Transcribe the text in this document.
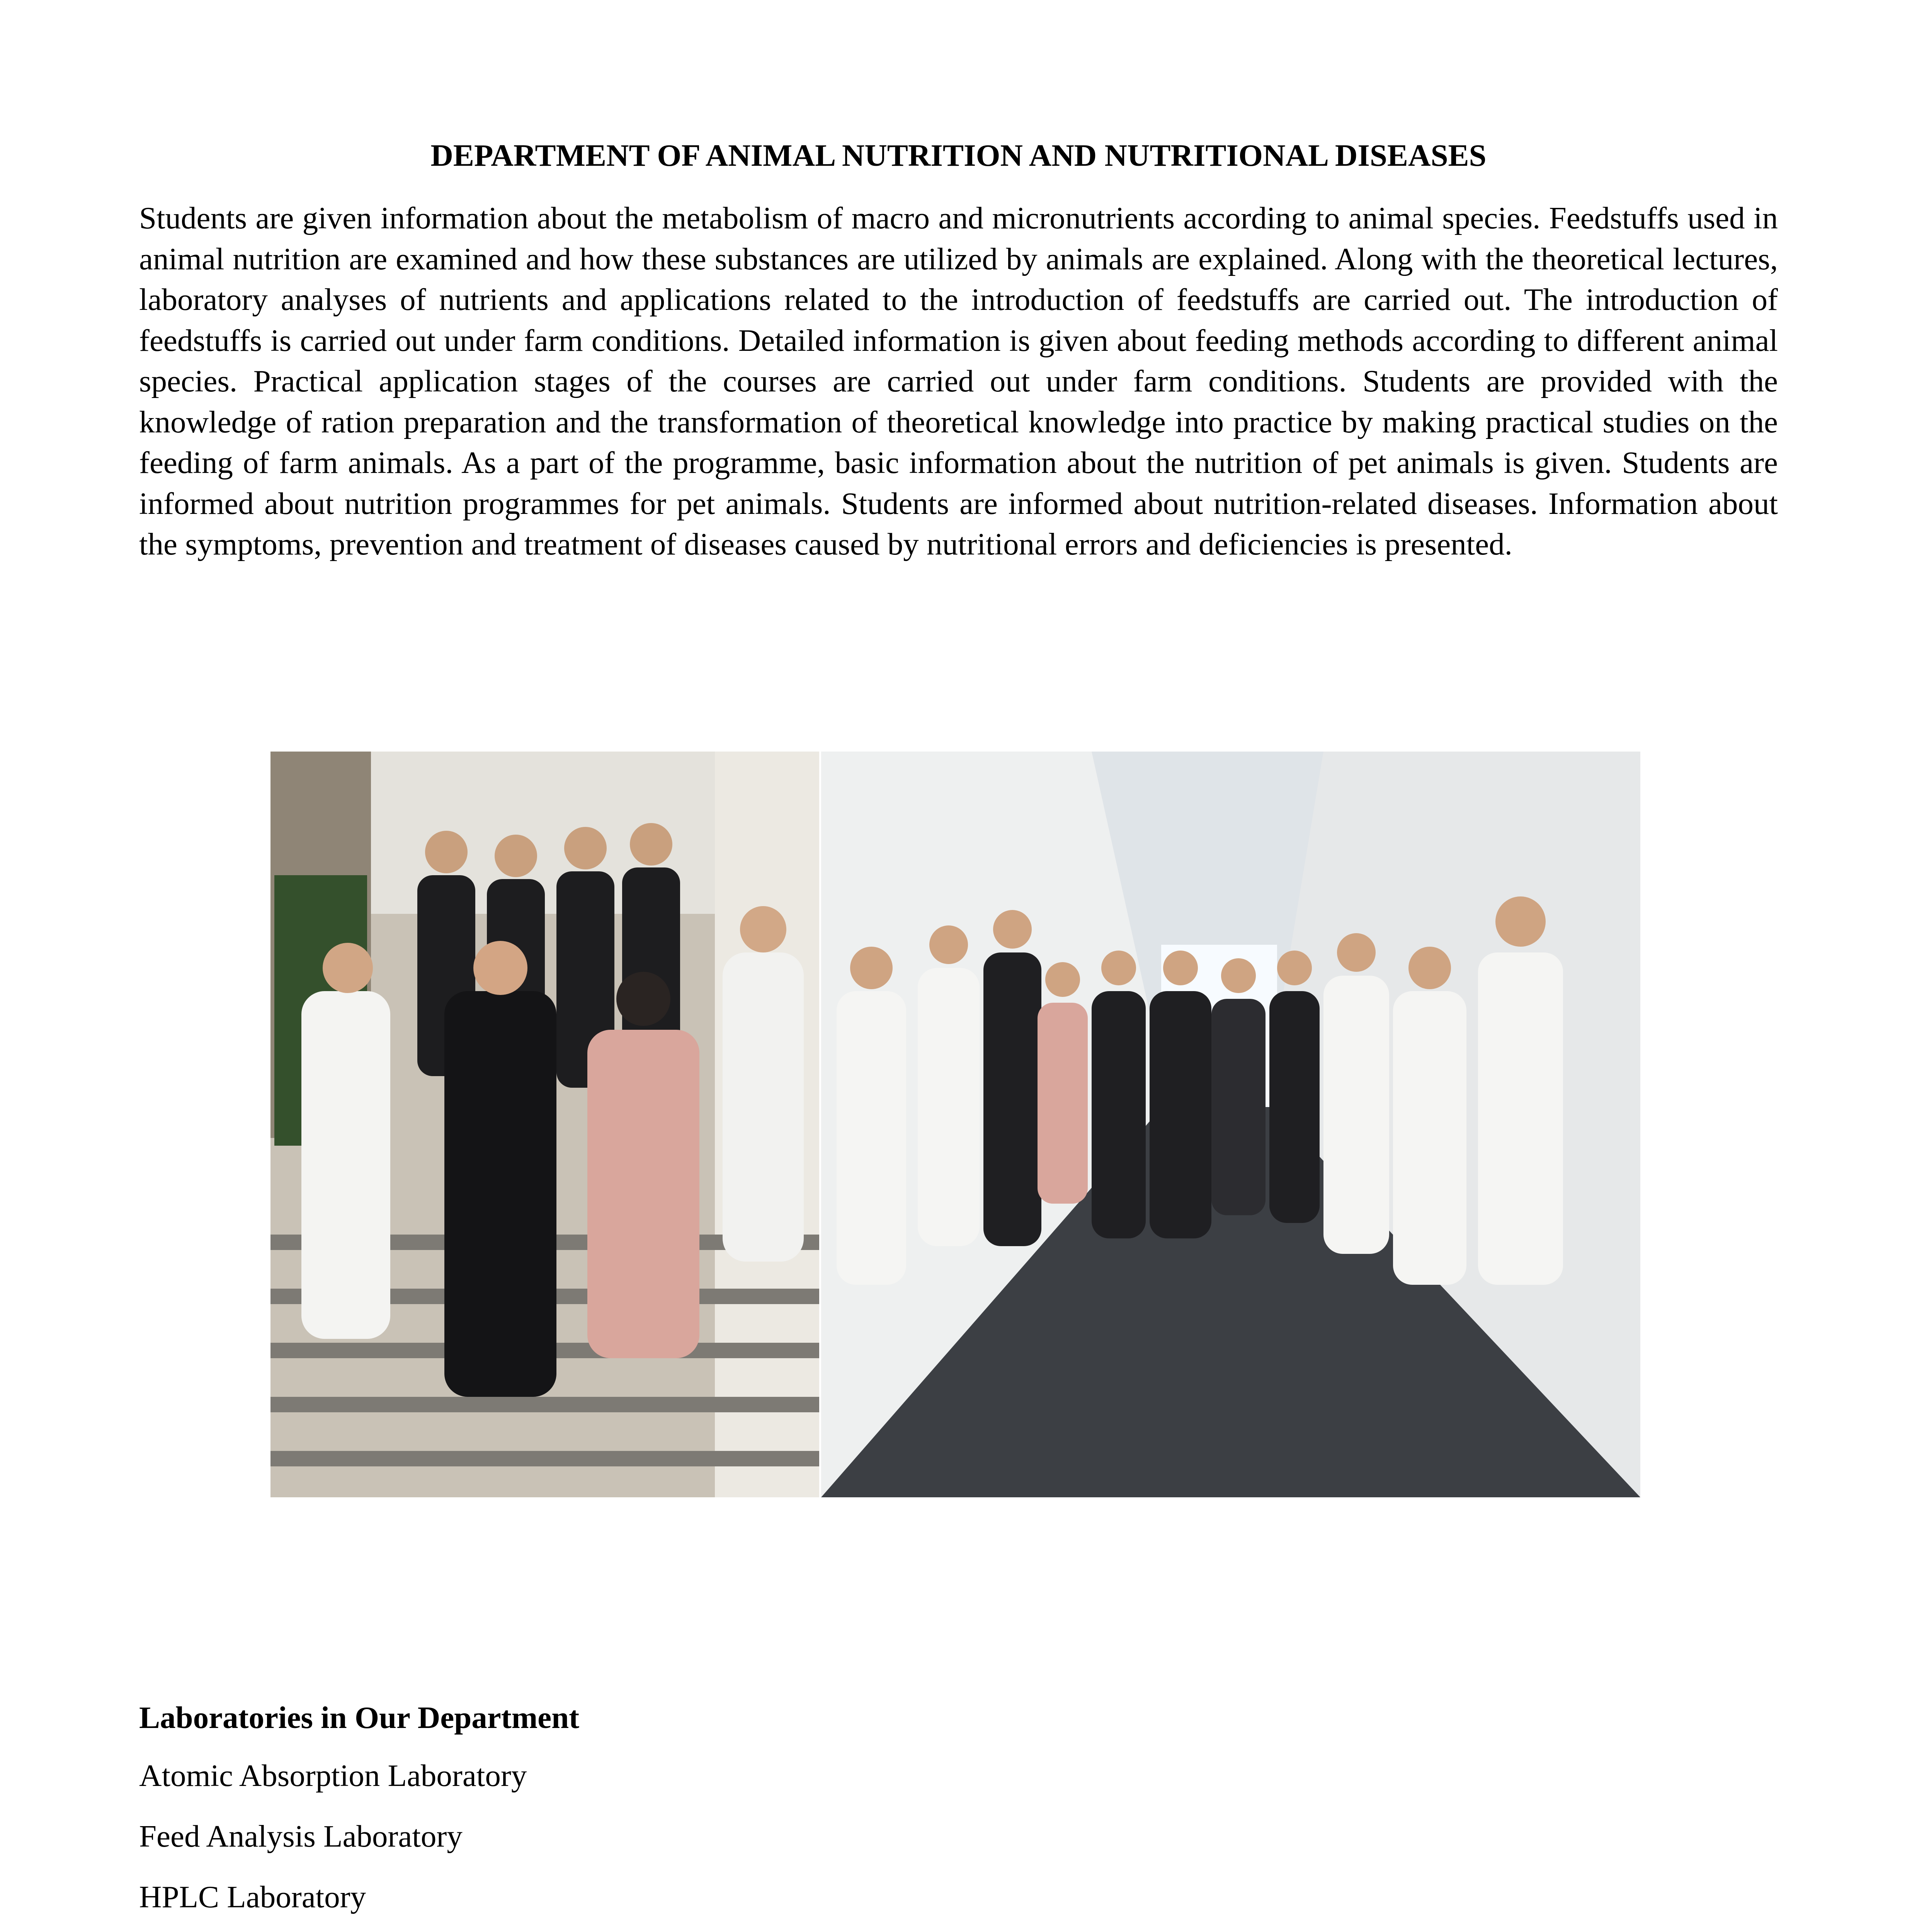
DEPARTMENT OF ANIMAL NUTRITION AND NUTRITIONAL DISEASES

Students are given information about the metabolism of macro and micronutrients according to animal species. Feedstuffs used in animal nutrition are examined and how these substances are utilized by animals are explained. Along with the theoretical lectures, laboratory analyses of nutrients and applications related to the introduction of feedstuffs are carried out. The introduction of feedstuffs is carried out under farm conditions. Detailed information is given about feeding methods according to different animal species. Practical application stages of the courses are carried out under farm conditions. Students are provided with the knowledge of ration preparation and the transformation of theoretical knowledge into practice by making practical studies on the feeding of farm animals. As a part of the programme, basic information about the nutrition of pet animals is given. Students are informed about nutrition programmes for pet animals. Students are informed about nutrition-related diseases. Information about the symptoms, prevention and treatment of diseases caused by nutritional errors and deficiencies is presented.

Laboratories in Our Department
Atomic Absorption Laboratory
Feed Analysis Laboratory
HPLC Laboratory
